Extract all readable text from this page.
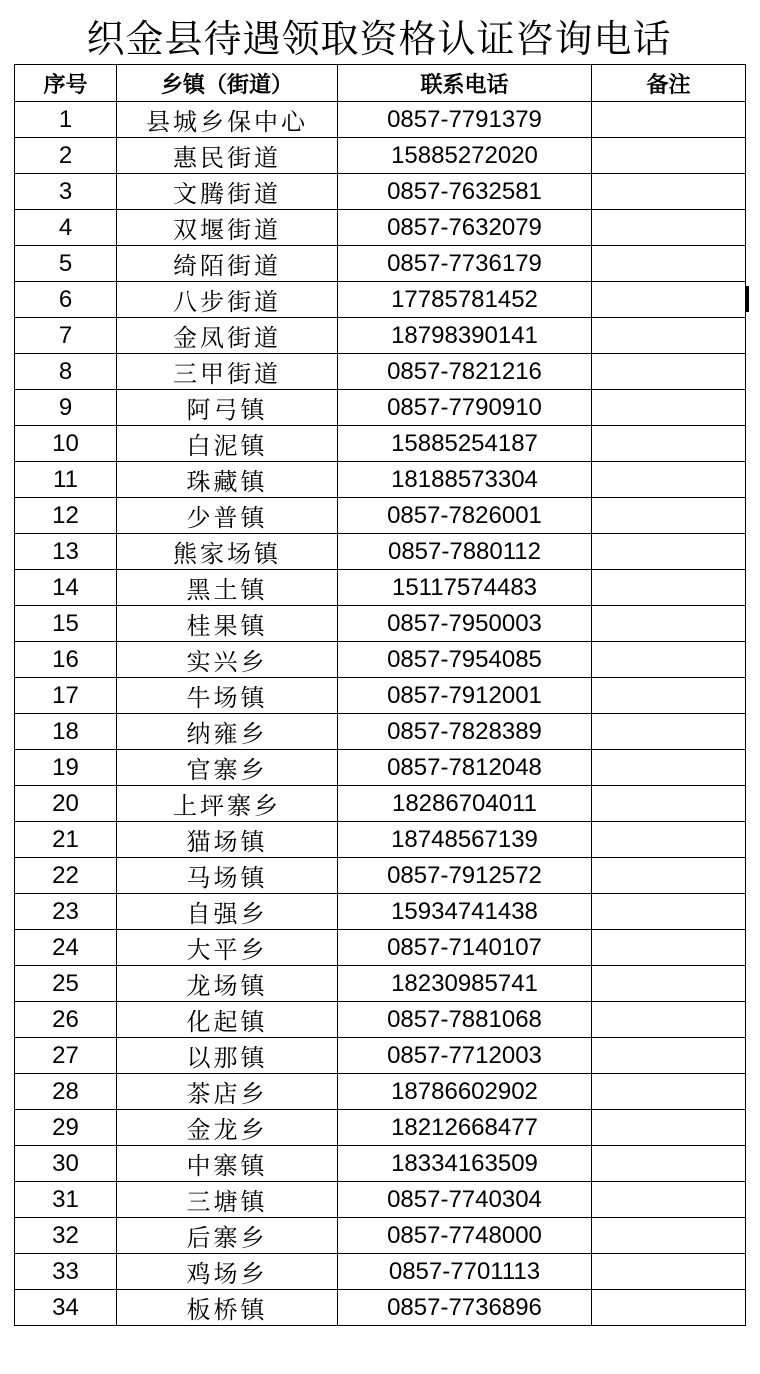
织金县待遇领取资格认证咨询电话
序号	乡镇（街道）	联系电话	备注
1	县城乡保中心	0857-7791379	
2	惠民街道	15885272020	
3	文腾街道	0857-7632581	
4	双堰街道	0857-7632079	
5	绮陌街道	0857-7736179	
6	八步街道	17785781452	
7	金凤街道	18798390141	
8	三甲街道	0857-7821216	
9	阿弓镇	0857-7790910	
10	白泥镇	15885254187	
11	珠藏镇	18188573304	
12	少普镇	0857-7826001	
13	熊家场镇	0857-7880112	
14	黑土镇	15117574483	
15	桂果镇	0857-7950003	
16	实兴乡	0857-7954085	
17	牛场镇	0857-7912001	
18	纳雍乡	0857-7828389	
19	官寨乡	0857-7812048	
20	上坪寨乡	18286704011	
21	猫场镇	18748567139	
22	马场镇	0857-7912572	
23	自强乡	15934741438	
24	大平乡	0857-7140107	
25	龙场镇	18230985741	
26	化起镇	0857-7881068	
27	以那镇	0857-7712003	
28	茶店乡	18786602902	
29	金龙乡	18212668477	
30	中寨镇	18334163509	
31	三塘镇	0857-7740304	
32	后寨乡	0857-7748000	
33	鸡场乡	0857-7701113	
34	板桥镇	0857-7736896	
